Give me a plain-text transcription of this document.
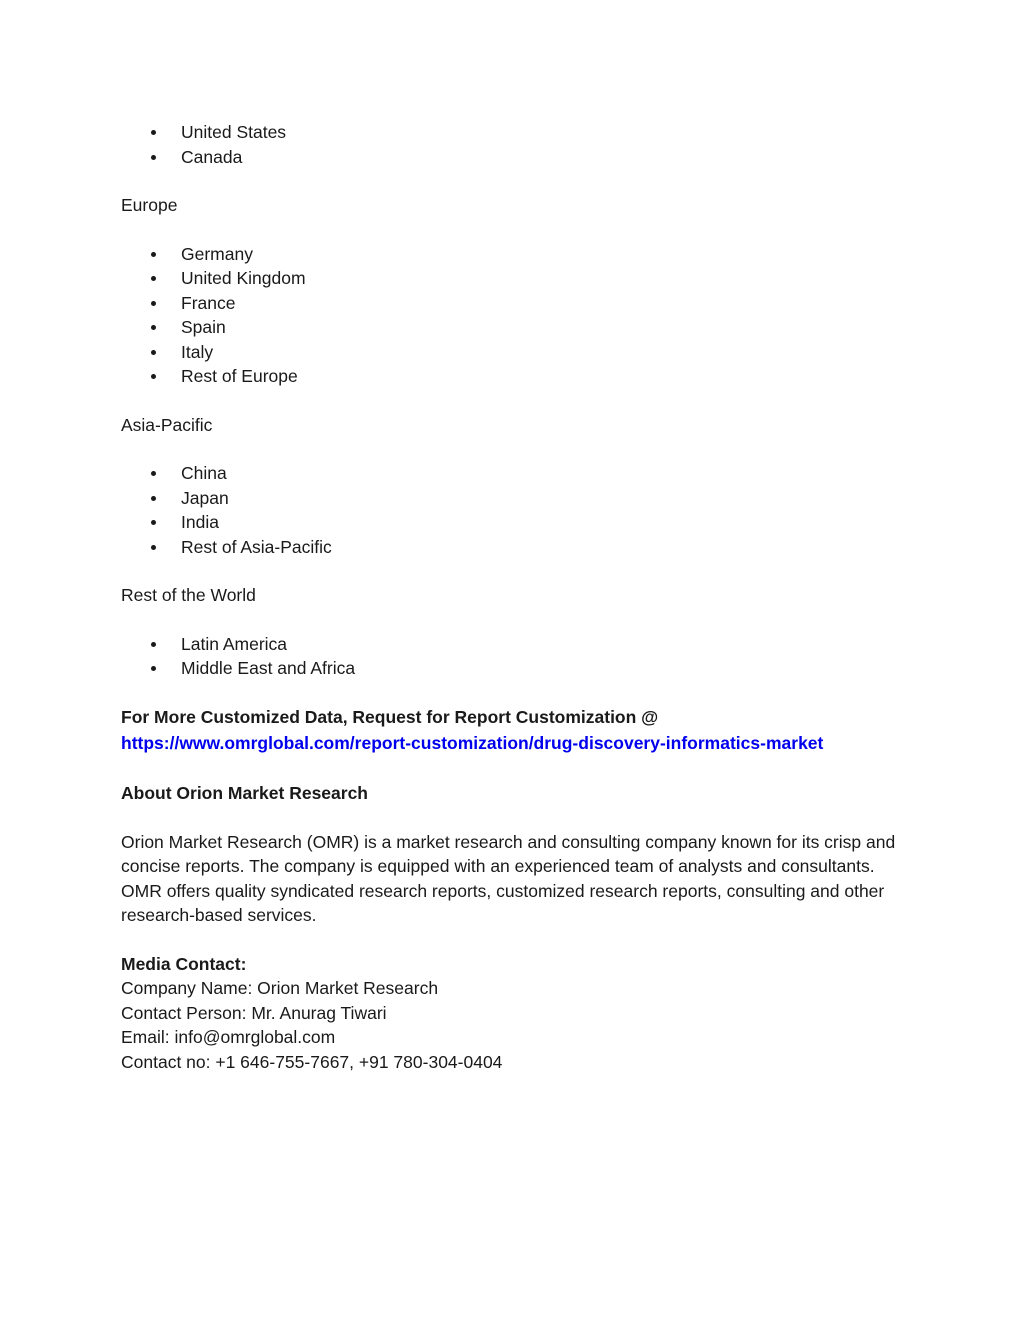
United States
Canada
Europe
Germany
United Kingdom
France
Spain
Italy
Rest of Europe
Asia-Pacific
China
Japan
India
Rest of Asia-Pacific
Rest of the World
Latin America
Middle East and Africa
For More Customized Data, Request for Report Customization @
https://www.omrglobal.com/report-customization/drug-discovery-informatics-market
About Orion Market Research
Orion Market Research (OMR) is a market research and consulting company known for its crisp and concise reports. The company is equipped with an experienced team of analysts and consultants. OMR offers quality syndicated research reports, customized research reports, consulting and other research-based services.
Media Contact:
Company Name: Orion Market Research
Contact Person: Mr. Anurag Tiwari
Email: info@omrglobal.com
Contact no: +1 646-755-7667, +91 780-304-0404
